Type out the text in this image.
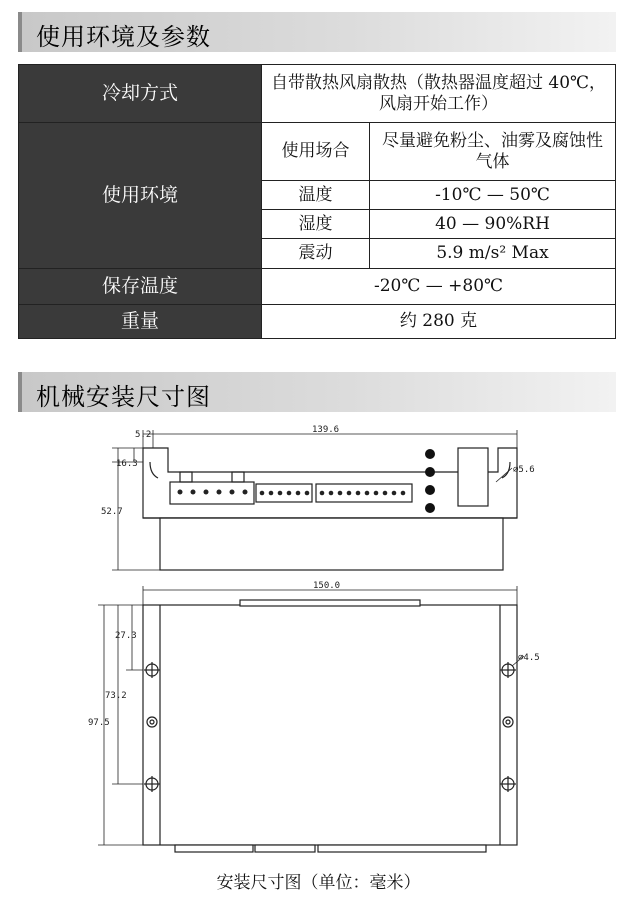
使用环境及参数
冷却方式	自带散热风扇散热（散热器温度超过 40℃，风扇开始工作）	
使用环境	使用场合	尽量避免粉尘、油雾及腐蚀性气体
	温度	-10℃ — 50℃
	湿度	40 — 90%RH
	震动	5.9 m/s² Max
保存温度	-20℃ — +80℃	
重量	约 280 克	
机械安装尺寸图
5.2	139.6
16.3
52.7
⌀5.6
150.0
27.3
73.2
97.5
⌀4.5
安装尺寸图（单位：毫米）
